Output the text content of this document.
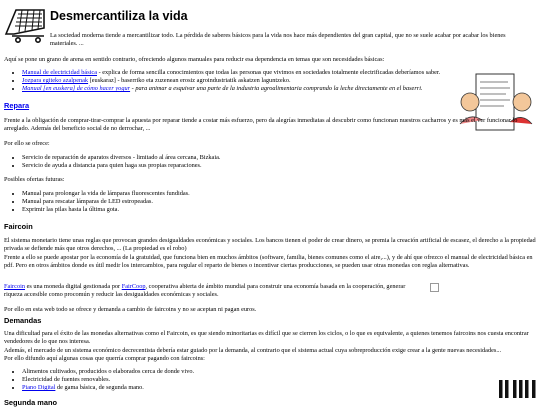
Desmercantiliza la vida

La sociedad moderna tiende a mercantilizar todo. La pérdida de saberes básicos para la vida nos hace más dependientes del gran capital, que no se suele acabar por acabar los bienes materiales. ...

Aquí se pone un grano de arena en sentido contrario, ofreciendo algunos manuales para reducir esa dependencia en temas que son necesidades básicas:

• Manual de electricidad básica - explica de forma sencilla conocimientos que todas las personas que vivimos en sociedades totalmente electrificadas deberíamos saber.
• Jozpara egiteko azalpenak [euskaraz] - baserriko eta zuzenean erosiz agroindustriatik askatzen laguntzeko.
• Manual [en euskera] de cómo hacer yogur - para animar a esquivar una parte de la industria agroalimentaria comprando la leche directamente en el baserri.
Repara

Frente a la obligación de comprar-tirar-comprar la apuesta por reparar tiende a costar más esfuerzo, pero da alegrías inmediatas al descubrir como funcionan nuestros cacharros y es más el ver funcionar lo arreglado. Además del beneficio social de no derrochar, ...

Por ello se ofrece:

• Servicio de reparación de aparatos diversos - limitado al área cercana, Bizkaia.
• Servicio de ayuda a distancia para quien haga sus propias reparaciones.

Posibles ofertas futuras:

• Manual para prolongar la vida de lámparas fluorescentes fundidas.
• Manual para rescatar lámparas de LED estropeadas.
• Exprimir las pilas hasta la última gota.
Faircoin

El sistema monetario tiene unas reglas que provocan grandes desigualdades económicas y sociales. Los bancos tienen el poder de crear dinero, se premia la creación artificial de escasez, el derecho a la propiedad privada se defiende más que otros derechos, ... (La propiedad es el robo)

Frente a ello se puede apostar por la economía de la gratuidad, que funciona bien en muchos ámbitos (software, familia, bienes comunes como el aire,...), y de ahí que ofrezco el manual de electricidad básica en pdf. Pero en otros ámbitos donde es útil medir los intercambios, para regular el reparto de bienes o incentivar ciertas producciones, se pueden usar otras monedas con reglas alternativas.

Faircoin es una moneda digital gestionada por FairCoop, cooperativa abierta de ámbito mundial para construir una economía basada en la cooperación, generar riqueza accesible como procomún y reducir las desigualdades económicas y sociales.

Por ello en esta web todo se ofrece y demanda a cambio de faircoins y no se aceptan ni pagan euros.

Demandas

Una dificultad para el éxito de las monedas alternativas como el Faircoin, es que siendo minoritarias es difícil que se cierren los ciclos, o lo que es equivalente, a quienes tenemos faircoins nos cuesta encontrar vendedores de lo que nos interesa.

Además, el mercado de un sistema económico decrecentista debería estar guiado por la demanda, al contrario que el sistema actual cuya sobreproducción exige crear a la gente nuevas necesidades...

Por ello difundo aquí algunas cosas que querría comprar pagando con faircoins:

• Alimentos cultivados, producidos o elaborados cerca de donde vivo.
• Electricidad de fuentes renovables.
• Piano Digital de gama básica, de segunda mano.
Segunda mano
